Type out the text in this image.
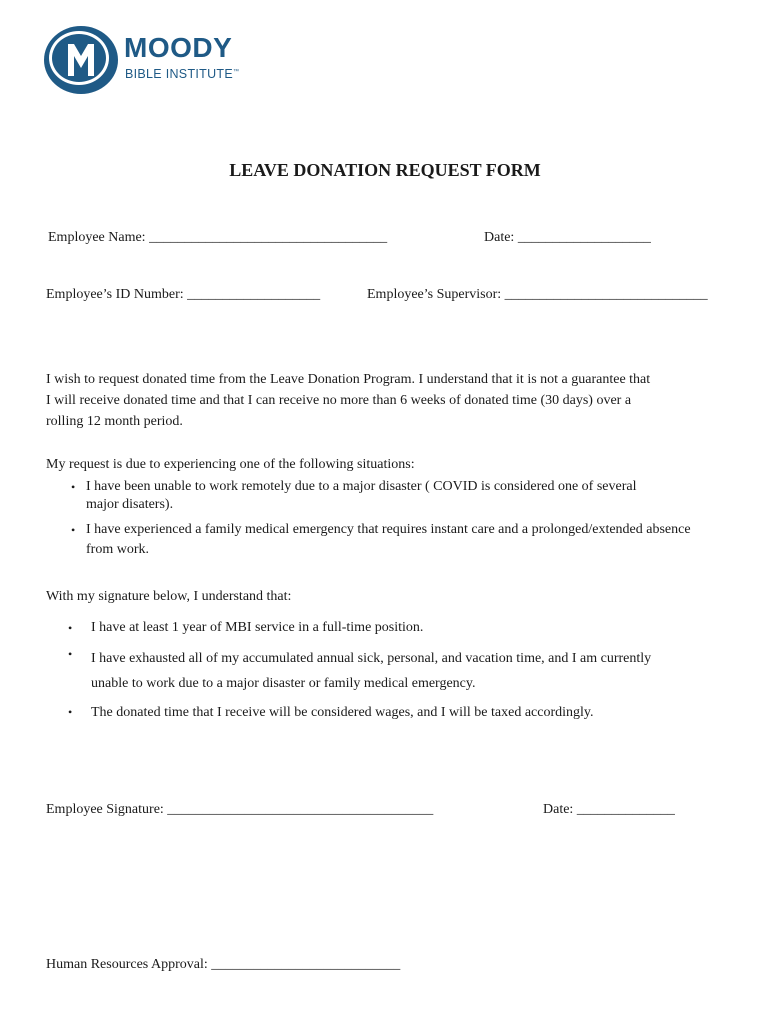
MOODY
BIBLE INSTITUTE™
LEAVE DONATION REQUEST FORM
Employee Name: __________________________________	Date: ___________________
Employee’s ID Number: ___________________	Employee’s Supervisor: _____________________________
I wish to request donated time from the Leave Donation Program. I understand that it is not a guarantee that
I will receive donated time and that I can receive no more than 6 weeks of donated time (30 days) over a
rolling 12 month period.
My request is due to experiencing one of the following situations:
• I have been unable to work remotely due to a major disaster ( COVID is considered one of several
major disaters).
• I have experienced a family medical emergency that requires instant care and a prolonged/extended absence
from work.
With my signature below, I understand that:
• I have at least 1 year of MBI service in a full-time position.
• I have exhausted all of my accumulated annual sick, personal, and vacation time, and I am currently
unable to work due to a major disaster or family medical emergency.
• The donated time that I receive will be considered wages, and I will be taxed accordingly.
Employee Signature: ______________________________________	Date: ______________
Human Resources Approval: ___________________________
